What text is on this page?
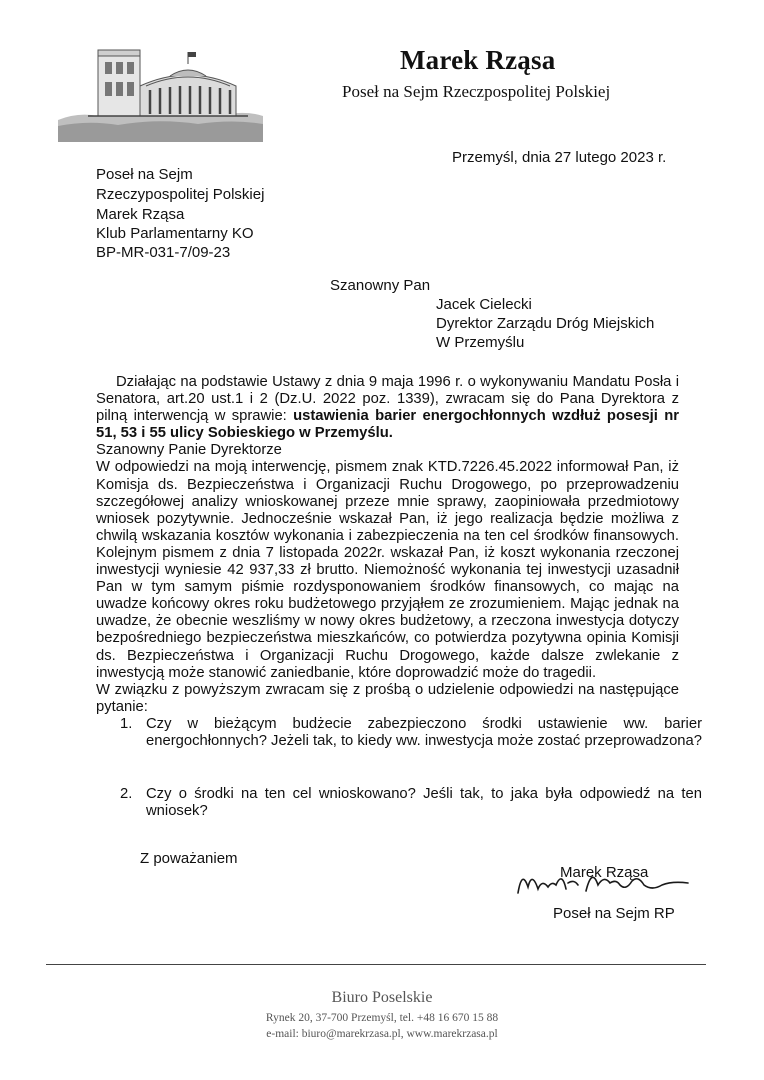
Marek Rząsa
Poseł na Sejm Rzeczpospolitej Polskiej
Przemyśl, dnia 27 lutego 2023 r.
Poseł na Sejm
Rzeczypospolitej Polskiej
Marek Rząsa
Klub Parlamentarny KO
BP-MR-031-7/09-23
Szanowny Pan
Jacek Cielecki
Dyrektor Zarządu Dróg Miejskich
W Przemyślu

Działając na podstawie Ustawy z dnia 9 maja 1996 r. o wykonywaniu Mandatu Posła i Senatora, art.20 ust.1 i 2 (Dz.U. 2022 poz. 1339), zwracam się do Pana Dyrektora z pilną interwencją w sprawie: ustawienia barier energochłonnych wzdłuż posesji nr 51, 53 i 55 ulicy Sobieskiego w Przemyślu.

Szanowny Panie Dyrektorze

W odpowiedzi na moją interwencję, pismem znak KTD.7226.45.2022 informował Pan, iż Komisja ds. Bezpieczeństwa i Organizacji Ruchu Drogowego, po przeprowadzeniu szczegółowej analizy wnioskowanej przeze mnie sprawy, zaopiniowała przedmiotowy wniosek pozytywnie. Jednocześnie wskazał Pan, iż jego realizacja będzie możliwa z chwilą wskazania kosztów wykonania i zabezpieczenia na ten cel środków finansowych. Kolejnym pismem z dnia 7 listopada 2022r. wskazał Pan, iż koszt wykonania rzeczonej inwestycji wyniesie 42 937,33 zł brutto. Niemożność wykonania tej inwestycji uzasadnił Pan w tym samym piśmie rozdysponowaniem środków finansowych, co mając na uwadze końcowy okres roku budżetowego przyjąłem ze zrozumieniem. Mając jednak na uwadze, że obecnie weszliśmy w nowy okres budżetowy, a rzeczona inwestycja dotyczy bezpośredniego bezpieczeństwa mieszkańców, co potwierdza pozytywna opinia Komisji ds. Bezpieczeństwa i Organizacji Ruchu Drogowego, każde dalsze zwlekanie z inwestycją może stanowić zaniedbanie, które doprowadzić może do tragedii.

W związku z powyższym zwracam się z prośbą o udzielenie odpowiedzi na następujące pytanie:

1. Czy w bieżącym budżecie zabezpieczono środki ustawienie ww. barier energochłonnych? Jeżeli tak, to kiedy ww. inwestycja może zostać przeprowadzona?
2. Czy o środki na ten cel wnioskowano? Jeśli tak, to jaka była odpowiedź na ten wniosek?
Z poważaniem
Marek Rząsa
Poseł na Sejm RP
Biuro Poselskie
Rynek 20, 37-700 Przemyśl, tel. +48 16 670 15 88
e-mail: biuro@marekrzasa.pl, www.marekrzasa.pl
